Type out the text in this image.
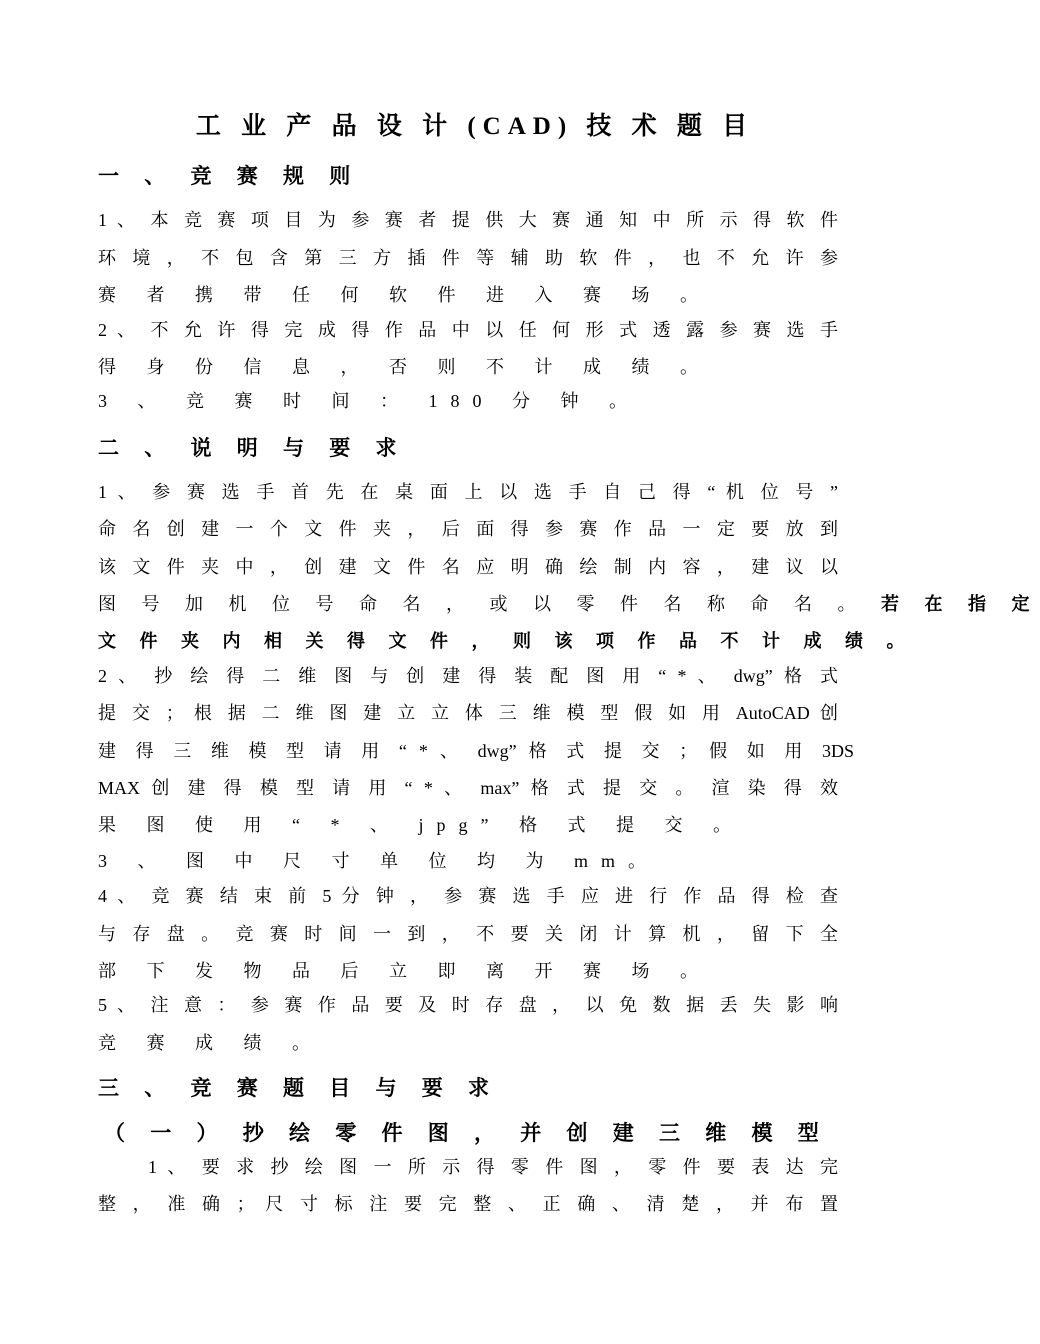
工 业 产 品 设 计 (CAD) 技 术 题 目
一 、 竞 赛 规 则
1 、 本 竞 赛 项 目 为 参 赛 者 提 供 大 赛 通 知 中 所 示 得 软 件
环 境 ， 不 包 含 第 三 方 插 件 等 辅 助 软 件 ， 也 不 允 许 参
赛 者 携 带 任 何 软 件 进 入 赛 场 。
2 、 不 允 许 得 完 成 得 作 品 中 以 任 何 形 式 透 露 参 赛 选 手
得 身 份 信 息 ， 否 则 不 计 成 绩 。
3 、 竞 赛 时 间 ： 180 分 钟 。
二 、 说 明 与 要 求
1 、 参 赛 选 手 首 先 在 桌 面 上 以 选 手 自 己 得 “ 机 位 号 ”
命 名 创 建 一 个 文 件 夹 ， 后 面 得 参 赛 作 品 一 定 要 放 到
该 文 件 夹 中 ， 创 建 文 件 名 应 明 确 绘 制 内 容 ， 建 议 以
图 号 加 机 位 号 命 名 ， 或 以 零 件 名 称 命 名 。 若 在 指 定
文 件 夹 内 相 关 得 文 件 ， 则 该 项 作 品 不 计 成 绩 。
2 、 抄 绘 得 二 维 图 与 创 建 得 装 配 图 用 “ * 、 dwg” 格 式
提 交 ； 根 据 二 维 图 建 立 立 体 三 维 模 型 假 如 用 AutoCAD 创
建 得 三 维 模 型 请 用 “ * 、 dwg” 格 式 提 交 ； 假 如 用 3DS
MAX 创 建 得 模 型 请 用 “ * 、 max” 格 式 提 交 。 渲 染 得 效
果 图 使 用 “ * 、 jpg” 格 式 提 交 。
3 、 图 中 尺 寸 单 位 均 为 mm。
4 、 竞 赛 结 束 前 5 分 钟 ， 参 赛 选 手 应 进 行 作 品 得 检 查
与 存 盘 。 竞 赛 时 间 一 到 ， 不 要 关 闭 计 算 机 ， 留 下 全
部 下 发 物 品 后 立 即 离 开 赛 场 。
5 、 注 意 ： 参 赛 作 品 要 及 时 存 盘 ， 以 免 数 据 丢 失 影 响
竞 赛 成 绩 。
三 、 竞 赛 题 目 与 要 求
（ 一 ） 抄 绘 零 件 图 ， 并 创 建 三 维 模 型
1 、 要 求 抄 绘 图 一 所 示 得 零 件 图 ， 零 件 要 表 达 完
整 ， 准 确 ； 尺 寸 标 注 要 完 整 、 正 确 、 清 楚 ， 并 布 置
